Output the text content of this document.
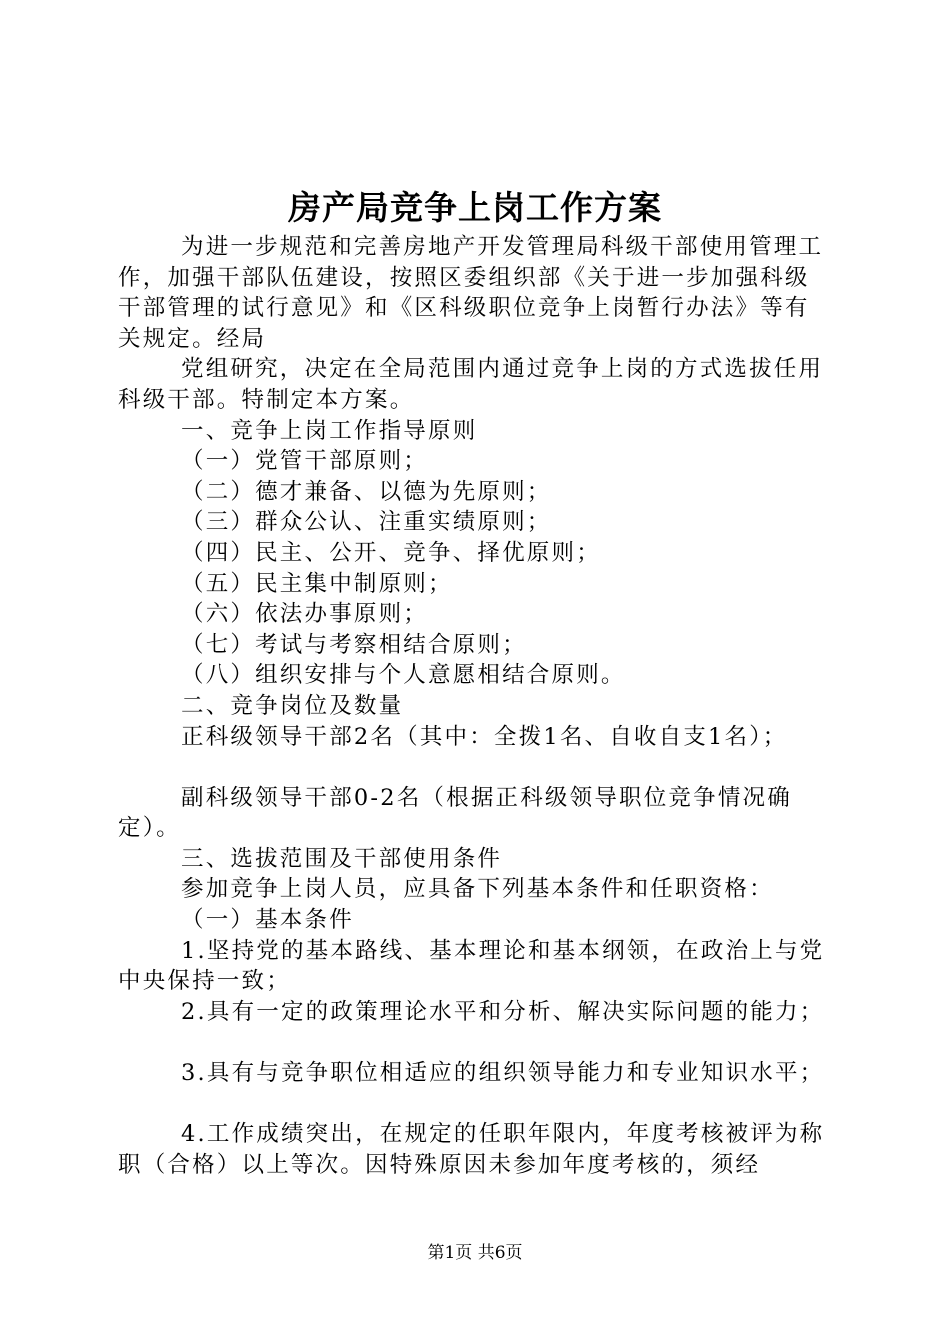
房产局竞争上岗工作方案

为进一步规范和完善房地产开发管理局科级干部使用管理工作，加强干部队伍建设，按照区委组织部《关于进一步加强科级干部管理的试行意见》和《区科级职位竞争上岗暂行办法》等有关规定。经局

党组研究，决定在全局范围内通过竞争上岗的方式选拔任用科级干部。特制定本方案。

一、竞争上岗工作指导原则

（一）党管干部原则；

（二）德才兼备、以德为先原则；

（三）群众公认、注重实绩原则；

（四）民主、公开、竞争、择优原则；

（五）民主集中制原则；

（六）依法办事原则；

（七）考试与考察相结合原则；

（八）组织安排与个人意愿相结合原则。

二、竞争岗位及数量

正科级领导干部2名（其中：全拨1名、自收自支1名）；

副科级领导干部0-2名（根据正科级领导职位竞争情况确定）。

三、选拔范围及干部使用条件

参加竞争上岗人员，应具备下列基本条件和任职资格：

（一）基本条件

1.坚持党的基本路线、基本理论和基本纲领，在政治上与党中央保持一致；

2.具有一定的政策理论水平和分析、解决实际问题的能力；

3.具有与竞争职位相适应的组织领导能力和专业知识水平；

4.工作成绩突出，在规定的任职年限内，年度考核被评为称职（合格）以上等次。因特殊原因未参加年度考核的，须经

第1页 共6页
